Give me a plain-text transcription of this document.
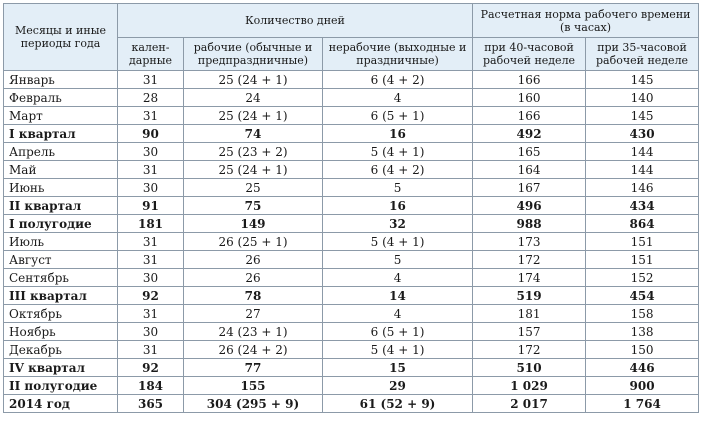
Месяцы и иные периоды года	Количество дней			Расчетная норма рабочего времени (в часах)	
	кален-дарные	рабочие (обычные и предпраздничные)	нерабочие (выходные и праздничные)	при 40-часовой рабочей неделе	при 35-часовой рабочей неделе
Январь	31	25 (24 + 1)	6 (4 + 2)	166	145
Февраль	28	24	4	160	140
Март	31	25 (24 + 1)	6 (5 + 1)	166	145
I квартал	90	74	16	492	430
Апрель	30	25 (23 + 2)	5 (4 + 1)	165	144
Май	31	25 (24 + 1)	6 (4 + 2)	164	144
Июнь	30	25	5	167	146
II квартал	91	75	16	496	434
I полугодие	181	149	32	988	864
Июль	31	26 (25 + 1)	5 (4 + 1)	173	151
Август	31	26	5	172	151
Сентябрь	30	26	4	174	152
III квартал	92	78	14	519	454
Октябрь	31	27	4	181	158
Ноябрь	30	24 (23 + 1)	6 (5 + 1)	157	138
Декабрь	31	26 (24 + 2)	5 (4 + 1)	172	150
IV квартал	92	77	15	510	446
II полугодие	184	155	29	1 029	900
2014 год	365	304 (295 + 9)	61 (52 + 9)	2 017	1 764
